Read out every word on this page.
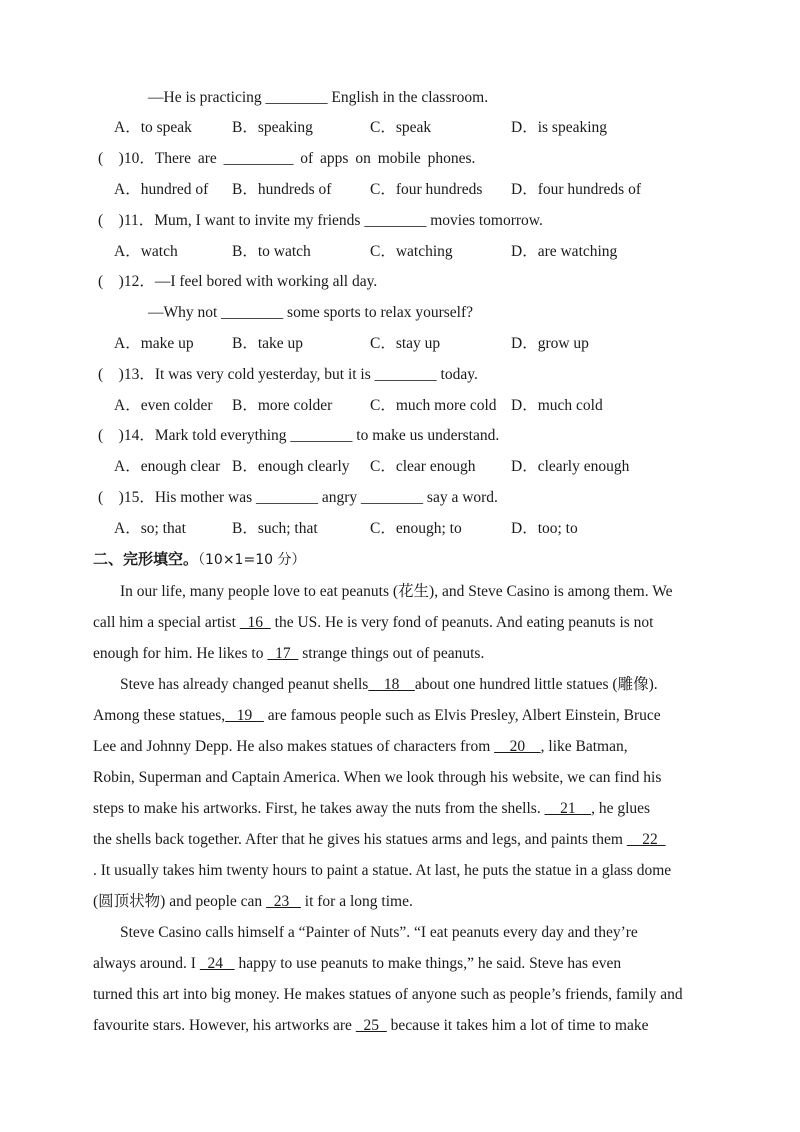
—He is practicing ________ English in the classroom.
A．to speak	B．speaking	C．speak	D．is speaking
(　)10．There are _________ of apps on mobile phones.
A．hundred of B．hundreds of C．four hundreds D．four hundreds of
(　)11．Mum, I want to invite my friends ________ movies tomorrow.
A．watch	B．to watch	C．watching	D．are watching
(　)12．—I feel bored with working all day.
—Why not ________ some sports to relax yourself?
A．make up B．take up	C．stay up	D．grow up
(　)13．It was very cold yesterday, but it is ________ today.
A．even colder B．more colder C．much more cold D．much cold
(　)14．Mark told everything ________ to make us understand.
A．enough clear B．enough clearly C．clear enough D．clearly enough
(　)15．His mother was ________ angry ________ say a word.
A．so; that	B．such; that	C．enough; to	D．too; to
二、完形填空。（10×1=10 分）
In our life, many people love to eat peanuts (花生), and Steve Casino is among them. We
call him a special artist   16   the US. He is very fond of peanuts. And eating peanuts is not
enough for him. He likes to   17   strange things out of peanuts.
Steve has already changed peanut shells    18    about one hundred little statues (雕像).
Among these statues,   19    are famous people such as Elvis Presley, Albert Einstein, Bruce
Lee and Johnny Depp. He also makes statues of characters from     20    , like Batman,
Robin, Superman and Captain America. When we look through his website, we can find his
steps to make his artworks. First, he takes away the nuts from the shells.     21    , he glues
the shells back together. After that he gives his statues arms and legs, and paints them     22
. It usually takes him twenty hours to paint a statue. At last, he puts the statue in a glass dome
(圆顶状物) and people can   23    it for a long time.
Steve Casino calls himself a “Painter of Nuts”. “I eat peanuts every day and they’re
always around. I   24    happy to use peanuts to make things,” he said. Steve has even
turned this art into big money. He makes statues of anyone such as people’s friends, family and
favourite stars. However, his artworks are   25   because it takes him a lot of time to make
